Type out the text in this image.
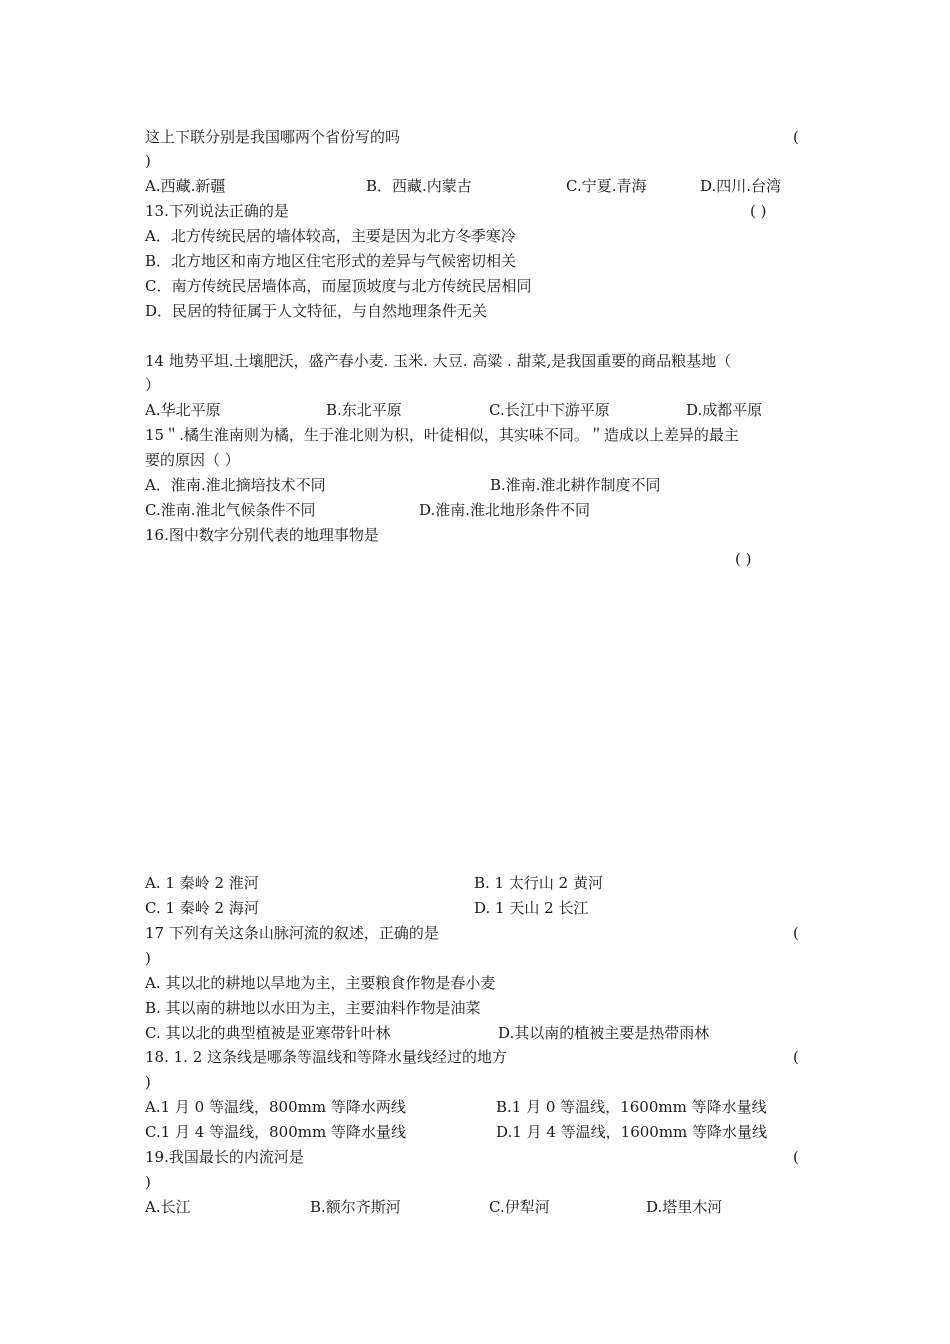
这上下联分别是我国哪两个省份写的吗	(
)
A.西藏.新疆	B．西藏.内蒙古	C.宁夏.青海	D.四川.台湾
13.下列说法正确的是	( )
A．北方传统民居的墙体较高，主要是因为北方冬季寒冷
B．北方地区和南方地区住宅形式的差异与气候密切相关
C．南方传统民居墙体高，而屋顶坡度与北方传统民居相同
D．民居的特征属于人文特征，与自然地理条件无关
14 地势平坦.土壤肥沃，盛产春小麦. 玉米. 大豆. 高粱 . 甜菜,是我国重要的商品粮基地（
）
A.华北平原	B.东北平原	C.长江中下游平原	D.成都平原
15＂.橘生淮南则为橘，生于淮北则为枳，叶徒相似，其实味不同。＂造成以上差异的最主
要的原因（ ）
A．淮南.淮北摘培技术不同	B.淮南.淮北耕作制度不同
C.淮南.淮北气候条件不同	D.淮南.淮北地形条件不同
16.图中数字分别代表的地理事物是
( )
A. 1 秦岭 2 淮河	B. 1 太行山 2 黄河
C. 1 秦岭 2 海河	D. 1 天山 2 长江
17 下列有关这条山脉河流的叙述，正确的是	(
)
A. 其以北的耕地以旱地为主，主要粮食作物是春小麦
B. 其以南的耕地以水田为主，主要油料作物是油菜
C. 其以北的典型植被是亚寒带针叶林	D.其以南的植被主要是热带雨林
18. 1. 2 这条线是哪条等温线和等降水量线经过的地方	(
)
A.1 月 0 等温线，800mm 等降水两线	B.1 月 0 等温线，1600mm 等降水量线
C.1 月 4 等温线，800mm 等降水量线	D.1 月 4 等温线，1600mm 等降水量线
19.我国最长的内流河是	(
)
A.长江	B.额尔齐斯河	C.伊犁河	D.塔里木河
